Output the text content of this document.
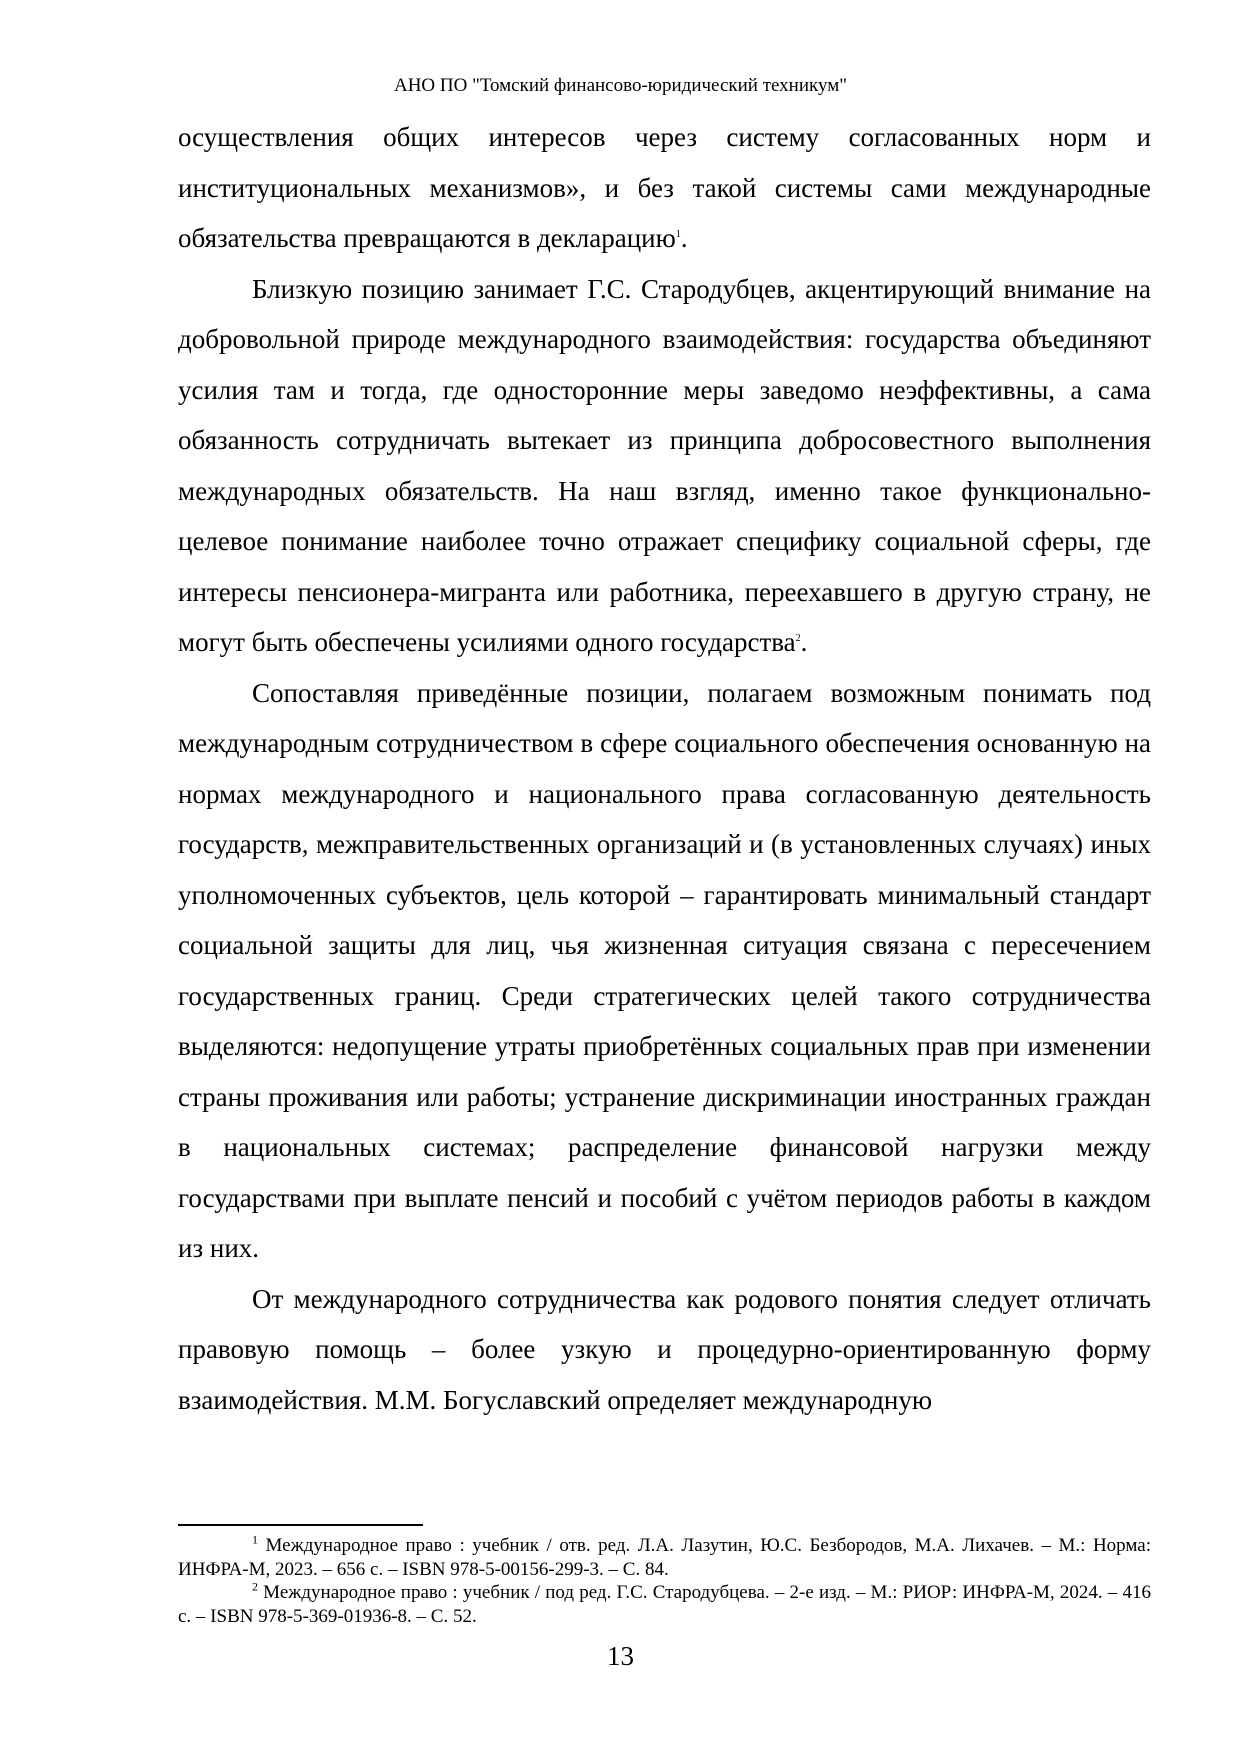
АНО ПО "Томский финансово-юридический техникум"

осуществления общих интересов через систему согласованных норм и институциональных механизмов», и без такой системы сами международные обязательства превращаются в декларацию$^1$.

Близкую позицию занимает Г.С. Стародубцев, акцентирующий внимание на добровольной природе международного взаимодействия: государства объединяют усилия там и тогда, где односторонние меры заведомо неэффективны, а сама обязанность сотрудничать вытекает из принципа добросовестного выполнения международных обязательств. На наш взгляд, именно такое функционально-целевое понимание наиболее точно отражает специфику социальной сферы, где интересы пенсионера-мигранта или работника, переехавшего в другую страну, не могут быть обеспечены усилиями одного государства$^2$.

Сопоставляя приведённые позиции, полагаем возможным понимать под международным сотрудничеством в сфере социального обеспечения основанную на нормах международного и национального права согласованную деятельность государств, межправительственных организаций и (в установленных случаях) иных уполномоченных субъектов, цель которой – гарантировать минимальный стандарт социальной защиты для лиц, чья жизненная ситуация связана с пересечением государственных границ. Среди стратегических целей такого сотрудничества выделяются: недопущение утраты приобретённых социальных прав при изменении страны проживания или работы; устранение дискриминации иностранных граждан в национальных системах; распределение финансовой нагрузки между государствами при выплате пенсий и пособий с учётом периодов работы в каждом из них.

От международного сотрудничества как родового понятия следует отличать правовую помощь – более узкую и процедурно-ориентированную форму взаимодействия. М.М. Богуславский определяет международную

$^1$ Международное право : учебник / отв. ред. Л.А. Лазутин, Ю.С. Безбородов, М.А. Лихачев. – М.: Норма: ИНФРА-М, 2023. – 656 с. – ISBN 978-5-00156-299-3. – С. 84.

$^2$ Международное право : учебник / под ред. Г.С. Стародубцева. – 2-е изд. – М.: РИОР: ИНФРА-М, 2024. – 416 с. – ISBN 978-5-369-01936-8. – С. 52.

13
